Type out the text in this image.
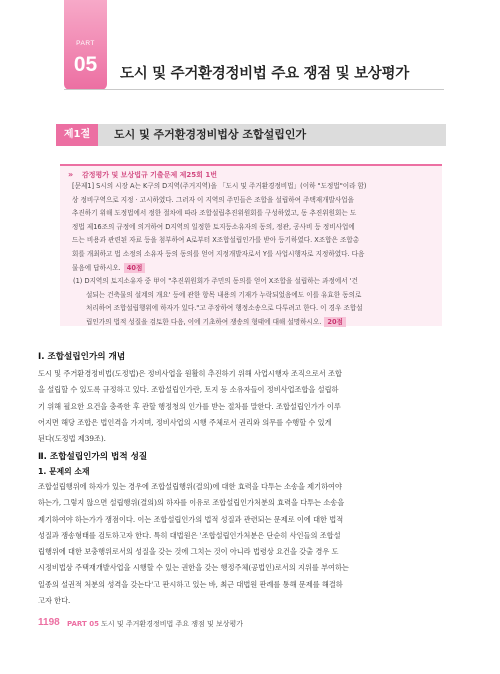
PART
05	도시 및 주거환경정비법 주요 쟁점 및 보상평가
제1절	도시 및 주거환경정비법상 조합설립인가
» 감정평가 및 보상법규 기출문제 제25회 1번

[문제1] S시의 시장 A는 K구의 D지역(주거지역)을 「도시 및 주거환경정비법」(이하 "도정법"이라 함)

상 정비구역으로 지정 · 고시하였다. 그러자 이 지역의 주민들은 조합을 설립하여 주택재개발사업을

추진하기 위해 도정법에서 정한 절차에 따라 조합설립추진위원회를 구성하였고, 동 추진위원회는 도

정법 제16조의 규정에 의거하여 D지역의 일정한 토지등소유자의 동의, 정관, 공사비 등 정비사업에

드는 비용과 관련된 자료 등을 첨부하여 A로부터 X조합설립인가를 받아 등기하였다. X조합은 조합총

회를 개최하고 법 소정의 소유자 등의 동의를 얻어 지정개발자로서 Y를 사업시행자로 지정하였다. 다음

물음에 답하시오. 40점

(1) D지역의 토지소유자 중 甲이 "추진위원회가 주민의 동의를 얻어 X조합을 설립하는 과정에서 '건

설되는 건축물의 설계의 개요' 등에 관한 항목 내용의 기재가 누락되었음에도 이를 유효한 동의로

처리하여 조합설립행위에 하자가 있다."고 주장하여 행정소송으로 다투려고 한다. 이 경우 조합설

립인가의 법적 성질을 검토한 다음, 이에 기초하여 쟁송의 형태에 대해 설명하시오. 20점

Ⅰ. 조합설립인가의 개념
도시 및 주거환경정비법(도정법)은 정비사업을 원활히 추진하기 위해 사업시행자 조직으로서 조합
을 설립할 수 있도록 규정하고 있다. 조합설립인가란, 토지 등 소유자들이 정비사업조합을 설립하
기 위해 필요한 요건을 충족한 후 관할 행정청의 인가를 받는 절차를 말한다. 조합설립인가가 이루
어지면 해당 조합은 법인격을 가지며, 정비사업의 시행 주체로서 권리와 의무를 수행할 수 있게
된다(도정법 제39조).
Ⅱ. 조합설립인가의 법적 성질
1. 문제의 소재
조합설립행위에 하자가 있는 경우에 조합설립행위(결의)에 대한 효력을 다투는 소송을 제기하여야
하는가, 그렇지 않으면 설립행위(결의)의 하자를 이유로 조합설립인가처분의 효력을 다투는 소송을
제기하여야 하는가가 쟁점이다. 이는 조합설립인가의 법적 성질과 관련되는 문제로 이에 대한 법적
성질과 쟁송형태를 검토하고자 한다. 특히 대법원은 '조합설립인가처분은 단순히 사인들의 조합설
립행위에 대한 보충행위로서의 성질을 갖는 것에 그치는 것이 아니라 법령상 요건을 갖출 경우 도
시정비법상 주택재개발사업을 시행할 수 있는 권한을 갖는 행정주체(공법인)로서의 지위를 부여하는
일종의 설권적 처분의 성격을 갖는다'고 판시하고 있는 바, 최근 대법원 판례를 통해 문제를 해결하
고자 한다.
1198 PART 05 도시 및 주거환경정비법 주요 쟁점 및 보상평가
